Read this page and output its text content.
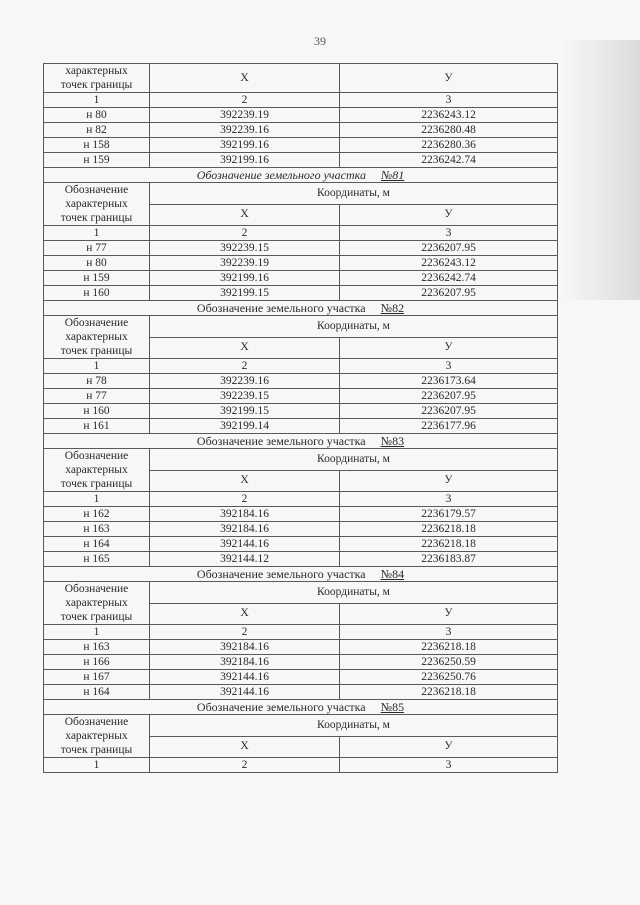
39
характерных
точек границы	Х	У
1	2	3
н 80	392239.19	2236243.12
н 82	392239.16	2236280.48
н 158	392199.16	2236280.36
н 159	392199.16	2236242.74
Обозначение земельного участка №81		

Обозначение
характерных
точек границы	Координаты, м	
	Х	У
1	2	3
н 77	392239.15	2236207.95
н 80	392239.19	2236243.12
н 159	392199.16	2236242.74
н 160	392199.15	2236207.95
Обозначение земельного участка №82		

Обозначение
характерных
точек границы	Координаты, м	
	Х	У
1	2	3
н 78	392239.16	2236173.64
н 77	392239.15	2236207.95
н 160	392199.15	2236207.95
н 161	392199.14	2236177.96
Обозначение земельного участка №83		

Обозначение
характерных
точек границы	Координаты, м	
	Х	У
1	2	3
н 162	392184.16	2236179.57
н 163	392184.16	2236218.18
н 164	392144.16	2236218.18
н 165	392144.12	2236183.87
Обозначение земельного участка №84		

Обозначение
характерных
точек границы	Координаты, м	
	Х	У
1	2	3
н 163	392184.16	2236218.18
н 166	392184.16	2236250.59
н 167	392144.16	2236250.76
н 164	392144.16	2236218.18
Обозначение земельного участка №85		

Обозначение
характерных
точек границы	Координаты, м	
	Х	У
1	2	3
